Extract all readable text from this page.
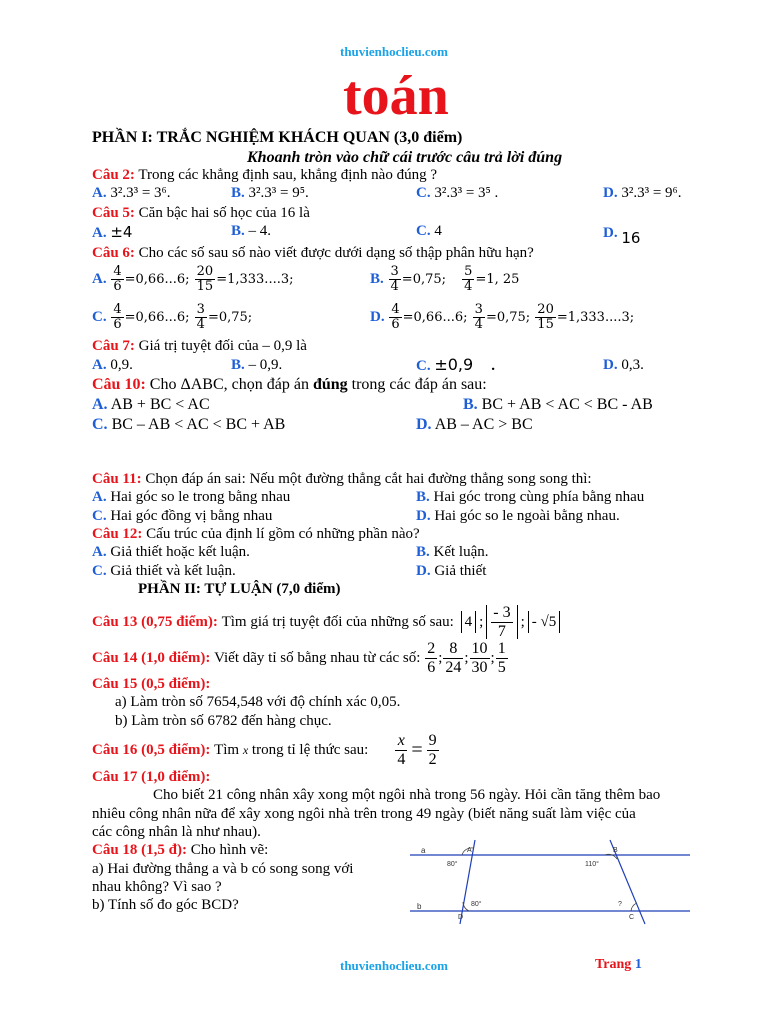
thuvienhoclieu.com
toán
PHẦN I: TRẮC NGHIỆM KHÁCH QUAN (3,0 điểm)
Khoanh tròn vào chữ cái trước câu trả lời đúng
Câu 2: Trong các khẳng định sau, khẳng định nào đúng ?
A. 3².3³ = 3⁶.	B. 3².3³ = 9⁵.	C. 3².3³ = 3⁵ .	D. 3².3³ = 9⁶.
Câu 5: Căn bậc hai số học của 16 là
A. ±4	B. – 4.	C. 4	D. 16
Câu 6: Cho các số sau số nào viết được dưới dạng số thập phân hữu hạn?
A. $\frac{4}{6} =0,66...6$; $\frac{20}{15} =1,333....3$;	B. $\frac{3}{4} =0,75$; $\frac{5}{4} =1$, 25
C. $\frac{4}{6} =0,66...6$; $\frac{3}{4} =0,75$;	D. $\frac{4}{6} =0,66...6$; $\frac{3}{4} =0,75$; $\frac{20}{15} =1,333....3$;
Câu 7: Giá trị tuyệt đối của – 0,9 là
A. 0,9.	B. – 0,9.	C. ±0,9 .	D. 0,3.
Câu 10: Cho ΔABC, chọn đáp án đúng trong các đáp án sau:
A. AB + BC < AC	B. BC + AB < AC < BC - AB
C. BC – AB < AC < BC + AB	D. AB – AC > BC
Câu 11: Chọn đáp án sai: Nếu một đường thẳng cắt hai đường thẳng song song thì:
A. Hai góc so le trong bằng nhau	B. Hai góc trong cùng phía bằng nhau
C. Hai góc đồng vị bằng nhau	D. Hai góc so le ngoài bằng nhau.
Câu 12: Cấu trúc của định lí gồm có những phần nào?
A. Giả thiết hoặc kết luận.	B. Kết luận.
C. Giả thiết và kết luận.	D. Giả thiết
PHẦN II: TỰ LUẬN (7,0 điểm)
Câu 13 (0,75 điểm):
Tìm giá trị tuyệt đối của những số sau:
4 ; $\frac{- 3}{7}$ ; - √5
Câu 14 (1,0 điểm):
Viết dãy tỉ số bằng nhau từ các số:
$\frac{2}{6}$ ; $\frac{8}{24}$ ; $\frac{10}{30}$ ; $\frac{1}{5}$
Câu 15 (0,5 điểm):
a) Làm tròn số 7654,548 với độ chính xác 0,05.
b) Làm tròn số 6782 đến hàng chục.
Câu 16 (0,5 điểm):
Tìm
x
trong tỉ lệ thức sau: $\frac{x}{4} = \frac{9}{2}$
Câu 17 (1,0 điểm):
Cho biết 21 công nhân xây xong một ngôi nhà trong 56 ngày. Hỏi cần tăng thêm bao
nhiêu công nhân nữa để xây xong ngôi nhà trên trong 49 ngày (biết năng suất làm việc của
các công nhân là như nhau).
Câu 18 (1,5 đ): Cho hình vẽ:
a) Hai đường thẳng a và b có song song với
nhau không? Vì sao ?
b) Tính số đo góc BCD?
a
b
A	B
C
D
80°
80°
110°
?
thuvienhoclieu.com	Trang 1
